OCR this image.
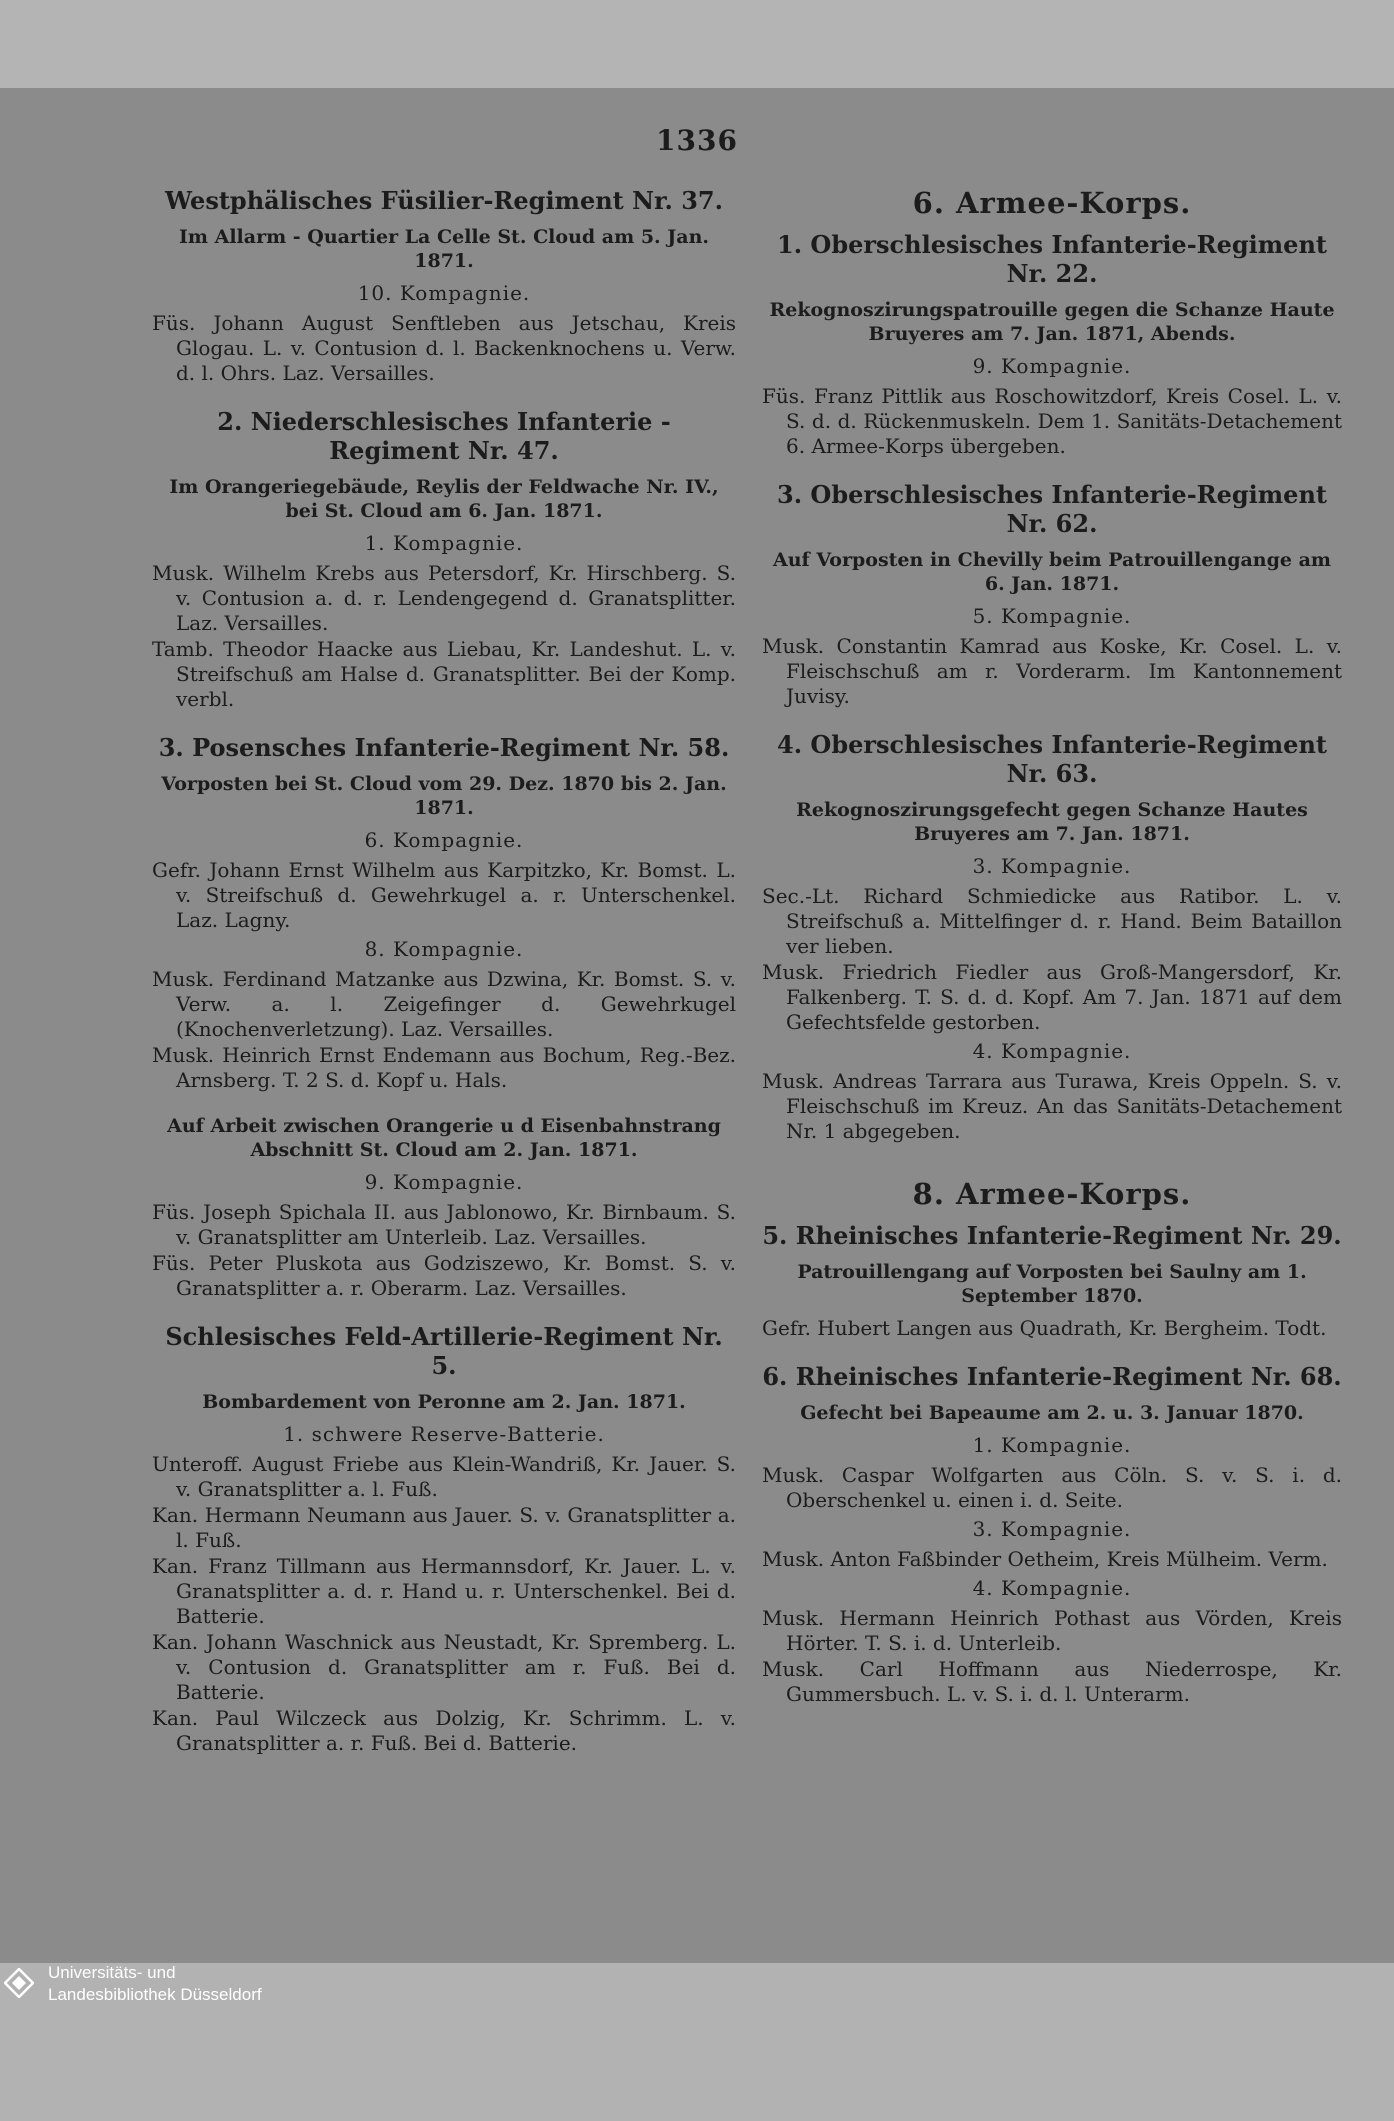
1336
Westphälisches Füsilier-Regiment Nr. 37.
Im Allarm - Quartier La Celle St. Cloud am 5. Jan. 1871.
10. Kompagnie.
Füs. Johann August Senftleben aus Jetschau, Kreis Glogau. L. v. Contusion d. l. Backenknochens u. Verw. d. l. Ohrs. Laz. Versailles.
2. Niederschlesisches Infanterie - Regiment Nr. 47.
Im Orangeriegebäude, Reylis der Feldwache Nr. IV., bei St. Cloud am 6. Jan. 1871.
1. Kompagnie.
Musk. Wilhelm Krebs aus Petersdorf, Kr. Hirschberg. S. v. Contusion a. d. r. Lendengegend d. Granatsplitter. Laz. Versailles.
Tamb. Theodor Haacke aus Liebau, Kr. Landeshut. L. v. Streifschuß am Halse d. Granatsplitter. Bei der Komp. verbl.
3. Posensches Infanterie-Regiment Nr. 58.
Vorposten bei St. Cloud vom 29. Dez. 1870 bis 2. Jan. 1871.
6. Kompagnie.
Gefr. Johann Ernst Wilhelm aus Karpitzko, Kr. Bomst. L. v. Streifschuß d. Gewehrkugel a. r. Unterschenkel. Laz. Lagny.
8. Kompagnie.
Musk. Ferdinand Matzanke aus Dzwina, Kr. Bomst. S. v. Verw. a. l. Zeigefinger d. Gewehrkugel (Knochenverletzung). Laz. Versailles.
Musk. Heinrich Ernst Endemann aus Bochum, Reg.-Bez. Arnsberg. T. 2 S. d. Kopf u. Hals.
Auf Arbeit zwischen Orangerie u d Eisenbahnstrang Abschnitt St. Cloud am 2. Jan. 1871.
9. Kompagnie.
Füs. Joseph Spichala II. aus Jablonowo, Kr. Birnbaum. S. v. Granatsplitter am Unterleib. Laz. Versailles.
Füs. Peter Pluskota aus Godziszewo, Kr. Bomst. S. v. Granatsplitter a. r. Oberarm. Laz. Versailles.
Schlesisches Feld-Artillerie-Regiment Nr. 5.
Bombardement von Peronne am 2. Jan. 1871.
1. schwere Reserve-Batterie.
Unteroff. August Friebe aus Klein-Wandriß, Kr. Jauer. S. v. Granatsplitter a. l. Fuß.
Kan. Hermann Neumann aus Jauer. S. v. Granatsplitter a. l. Fuß.
Kan. Franz Tillmann aus Hermannsdorf, Kr. Jauer. L. v. Granatsplitter a. d. r. Hand u. r. Unterschenkel. Bei d. Batterie.
Kan. Johann Waschnick aus Neustadt, Kr. Spremberg. L. v. Contusion d. Granatsplitter am r. Fuß. Bei d. Batterie.
Kan. Paul Wilczeck aus Dolzig, Kr. Schrimm. L. v. Granatsplitter a. r. Fuß. Bei d. Batterie.
6. Armee-Korps.
1. Oberschlesisches Infanterie-Regiment Nr. 22.
Rekognoszirungspatrouille gegen die Schanze Haute Bruyeres am 7. Jan. 1871, Abends.
9. Kompagnie.
Füs. Franz Pittlik aus Roschowitzdorf, Kreis Cosel. L. v. S. d. d. Rückenmuskeln. Dem 1. Sanitäts-Detachement 6. Armee-Korps übergeben.
3. Oberschlesisches Infanterie-Regiment Nr. 62.
Auf Vorposten in Chevilly beim Patrouillengange am 6. Jan. 1871.
5. Kompagnie.
Musk. Constantin Kamrad aus Koske, Kr. Cosel. L. v. Fleischschuß am r. Vorderarm. Im Kantonnement Juvisy.
4. Oberschlesisches Infanterie-Regiment Nr. 63.
Rekognoszirungsgefecht gegen Schanze Hautes Bruyeres am 7. Jan. 1871.
3. Kompagnie.
Sec.-Lt. Richard Schmiedicke aus Ratibor. L. v. Streifschuß a. Mittelfinger d. r. Hand. Beim Bataillon ver lieben.
Musk. Friedrich Fiedler aus Groß-Mangersdorf, Kr. Falkenberg. T. S. d. d. Kopf. Am 7. Jan. 1871 auf dem Gefechtsfelde gestorben.
4. Kompagnie.
Musk. Andreas Tarrara aus Turawa, Kreis Oppeln. S. v. Fleischschuß im Kreuz. An das Sanitäts-Detachement Nr. 1 abgegeben.
8. Armee-Korps.
5. Rheinisches Infanterie-Regiment Nr. 29.
Patrouillengang auf Vorposten bei Saulny am 1. September 1870.
Gefr. Hubert Langen aus Quadrath, Kr. Bergheim. Todt.
6. Rheinisches Infanterie-Regiment Nr. 68.
Gefecht bei Bapeaume am 2. u. 3. Januar 1870.
1. Kompagnie.
Musk. Caspar Wolfgarten aus Cöln. S. v. S. i. d. Oberschenkel u. einen i. d. Seite.
3. Kompagnie.
Musk. Anton Faßbinder Oetheim, Kreis Mülheim. Verm.
4. Kompagnie.
Musk. Hermann Heinrich Pothast aus Vörden, Kreis Hörter. T. S. i. d. Unterleib.
Musk. Carl Hoffmann aus Niederrospe, Kr. Gummersbuch. L. v. S. i. d. l. Unterarm.
Universitäts- und
Landesbibliothek Düsseldorf
